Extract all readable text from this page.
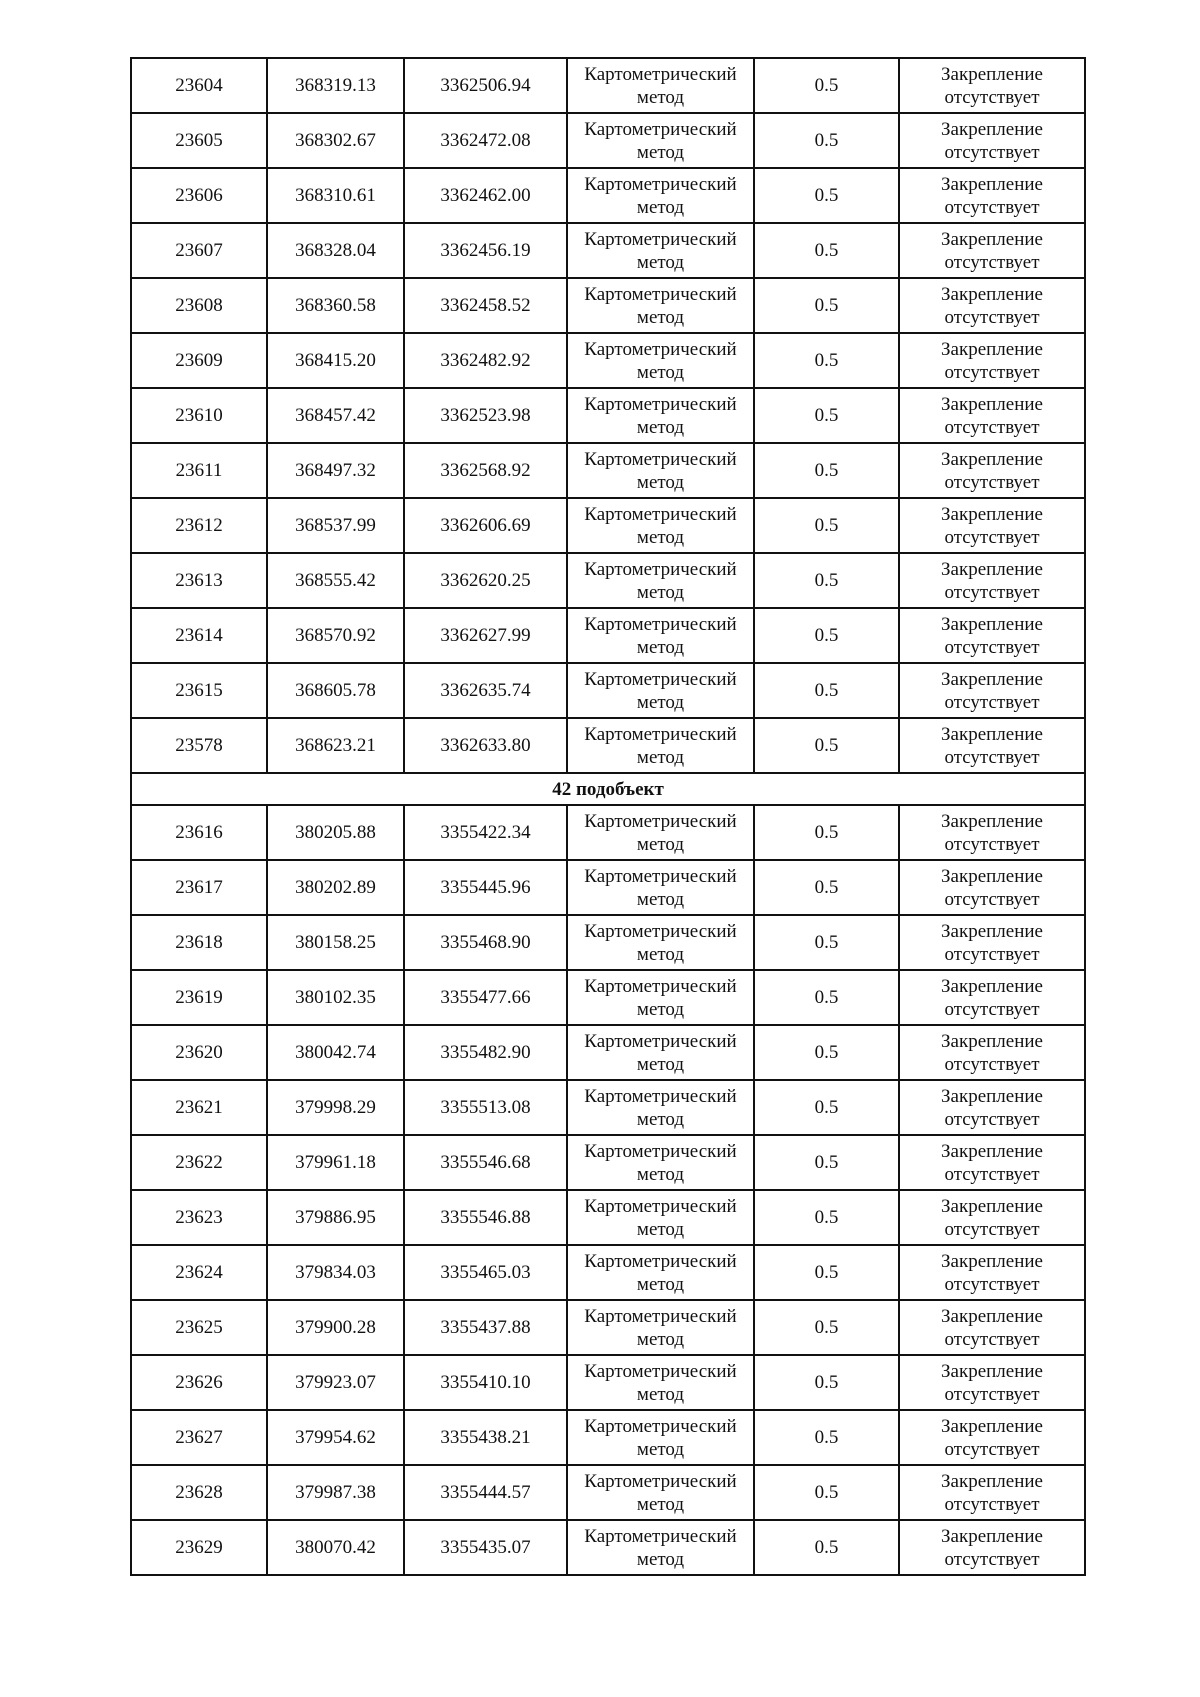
23604	368319.13	3362506.94	Картометрический
метод	0.5	Закрепление
отсутствует

23605	368302.67	3362472.08	Картометрический
метод	0.5	Закрепление
отсутствует

23606	368310.61	3362462.00	Картометрический
метод	0.5	Закрепление
отсутствует

23607	368328.04	3362456.19	Картометрический
метод	0.5	Закрепление
отсутствует

23608	368360.58	3362458.52	Картометрический
метод	0.5	Закрепление
отсутствует

23609	368415.20	3362482.92	Картометрический
метод	0.5	Закрепление
отсутствует

23610	368457.42	3362523.98	Картометрический
метод	0.5	Закрепление
отсутствует

23611	368497.32	3362568.92	Картометрический
метод	0.5	Закрепление
отсутствует

23612	368537.99	3362606.69	Картометрический
метод	0.5	Закрепление
отсутствует

23613	368555.42	3362620.25	Картометрический
метод	0.5	Закрепление
отсутствует

23614	368570.92	3362627.99	Картометрический
метод	0.5	Закрепление
отсутствует

23615	368605.78	3362635.74	Картометрический
метод	0.5	Закрепление
отсутствует

23578	368623.21	3362633.80	Картометрический
метод	0.5	Закрепление
отсутствует

42 подобъект					
23616	380205.88	3355422.34	Картометрический
метод	0.5	Закрепление
отсутствует

23617	380202.89	3355445.96	Картометрический
метод	0.5	Закрепление
отсутствует

23618	380158.25	3355468.90	Картометрический
метод	0.5	Закрепление
отсутствует

23619	380102.35	3355477.66	Картометрический
метод	0.5	Закрепление
отсутствует

23620	380042.74	3355482.90	Картометрический
метод	0.5	Закрепление
отсутствует

23621	379998.29	3355513.08	Картометрический
метод	0.5	Закрепление
отсутствует

23622	379961.18	3355546.68	Картометрический
метод	0.5	Закрепление
отсутствует

23623	379886.95	3355546.88	Картометрический
метод	0.5	Закрепление
отсутствует

23624	379834.03	3355465.03	Картометрический
метод	0.5	Закрепление
отсутствует

23625	379900.28	3355437.88	Картометрический
метод	0.5	Закрепление
отсутствует

23626	379923.07	3355410.10	Картометрический
метод	0.5	Закрепление
отсутствует

23627	379954.62	3355438.21	Картометрический
метод	0.5	Закрепление
отсутствует

23628	379987.38	3355444.57	Картометрический
метод	0.5	Закрепление
отсутствует

23629	380070.42	3355435.07	Картометрический
метод	0.5	Закрепление
отсутствует
